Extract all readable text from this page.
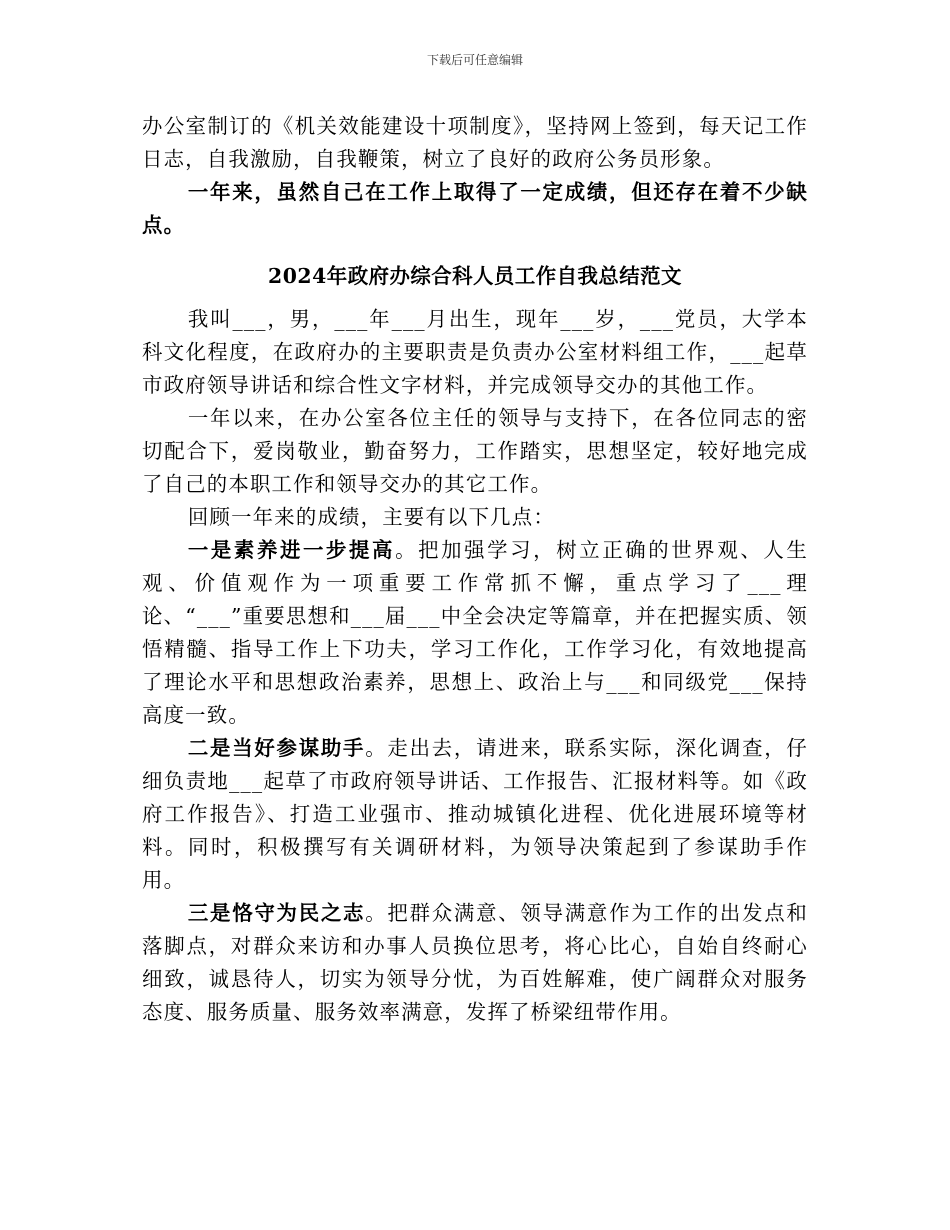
下载后可任意编辑

办公室制订的《机关效能建设十项制度》，坚持网上签到，每天记工作日志，自我激励，自我鞭策，树立了良好的政府公务员形象。

一年来，虽然自己在工作上取得了一定成绩，但还存在着不少缺点。

2024年政府办综合科人员工作自我总结范文

我叫___，男，___年___月出生，现年___岁，___党员，大学本科文化程度，在政府办的主要职责是负责办公室材料组工作，___起草市政府领导讲话和综合性文字材料，并完成领导交办的其他工作。

一年以来，在办公室各位主任的领导与支持下，在各位同志的密切配合下，爱岗敬业，勤奋努力，工作踏实，思想坚定，较好地完成了自己的本职工作和领导交办的其它工作。

回顾一年来的成绩，主要有以下几点：

一是素养进一步提高。把加强学习，树立正确的世界观、人生观、价值观作为一项重要工作常抓不懈，重点学习了___理论、“___”重要思想和___届___中全会决定等篇章，并在把握实质、领悟精髓、指导工作上下功夫，学习工作化，工作学习化，有效地提高了理论水平和思想政治素养，思想上、政治上与___和同级党___保持高度一致。

二是当好参谋助手。走出去，请进来，联系实际，深化调查，仔细负责地___起草了市政府领导讲话、工作报告、汇报材料等。如《政府工作报告》、打造工业强市、推动城镇化进程、优化进展环境等材料。同时，积极撰写有关调研材料，为领导决策起到了参谋助手作用。

三是恪守为民之志。把群众满意、领导满意作为工作的出发点和落脚点，对群众来访和办事人员换位思考，将心比心，自始自终耐心细致，诚恳待人，切实为领导分忧，为百姓解难，使广阔群众对服务态度、服务质量、服务效率满意，发挥了桥梁纽带作用。
